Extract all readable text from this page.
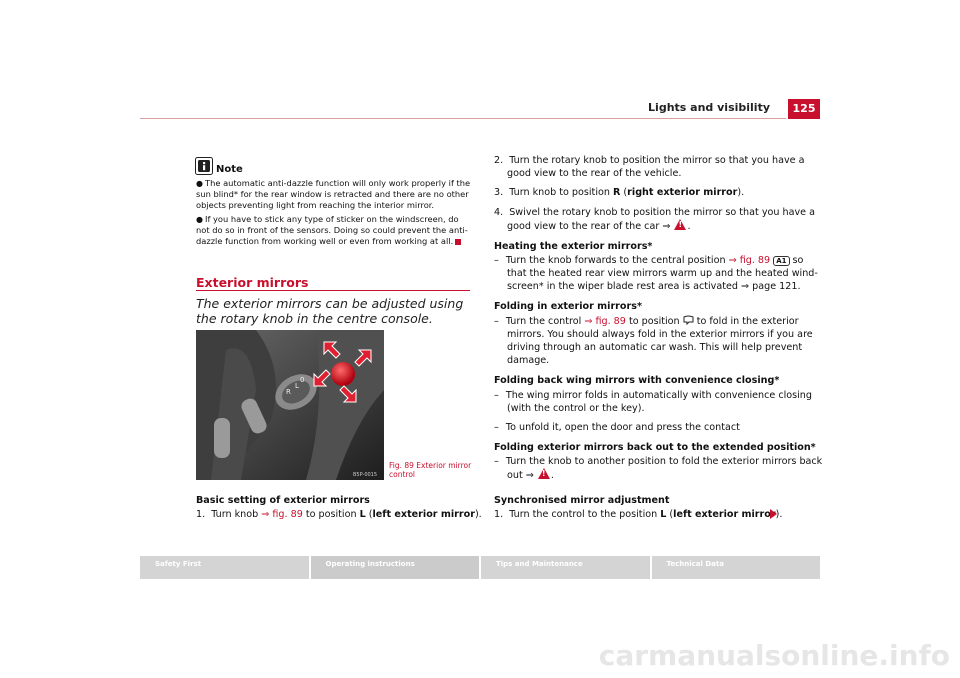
Lights and visibility	125
Note
● The automatic anti-dazzle function will only work properly if the sun blind* for the rear window is retracted and there are no other objects preventing light from reaching the interior mirror.
● If you have to stick any type of sticker on the windscreen, do not do so in front of the sensors. Doing so could prevent the anti-dazzle function from working well or even from working at all.
Exterior mirrors
The exterior mirrors can be adjusted using the rotary knob in the centre console.
R
L
0
B5P-0015
Fig. 89 Exterior mirror
control
Basic setting of exterior mirrors
1. Turn knob ⇒ fig. 89 to position L (left exterior mirror).
2. Turn the rotary knob to position the mirror so that you have a
good view to the rear of the vehicle.
3. Turn knob to position R (right exterior mirror).
4. Swivel the rotary knob to position the mirror so that you have a
good view to the rear of the car ⇒ ! .
Heating the exterior mirrors*
– Turn the knob forwards to the central position ⇒ fig. 89 A1 so
that the heated rear view mirrors warm up and the heated wind-
screen* in the wiper blade rest area is activated ⇒ page 121.
Folding in exterior mirrors*
– Turn the control ⇒ fig. 89 to position  to fold in the exterior
mirrors. You should always fold in the exterior mirrors if you are
driving through an automatic car wash. This will help prevent
damage.
Folding back wing mirrors with convenience closing*
– The wing mirror folds in automatically with convenience closing
(with the control or the key).
– To unfold it, open the door and press the contact
Folding exterior mirrors back out to the extended position*
– Turn the knob to another position to fold the exterior mirrors back
out ⇒ ! .
Synchronised mirror adjustment
1. Turn the control to the position L (left exterior mirror).
Safety First	Operating instructions	Tips and Maintenance	Technical Data
carmanualsonline.info
